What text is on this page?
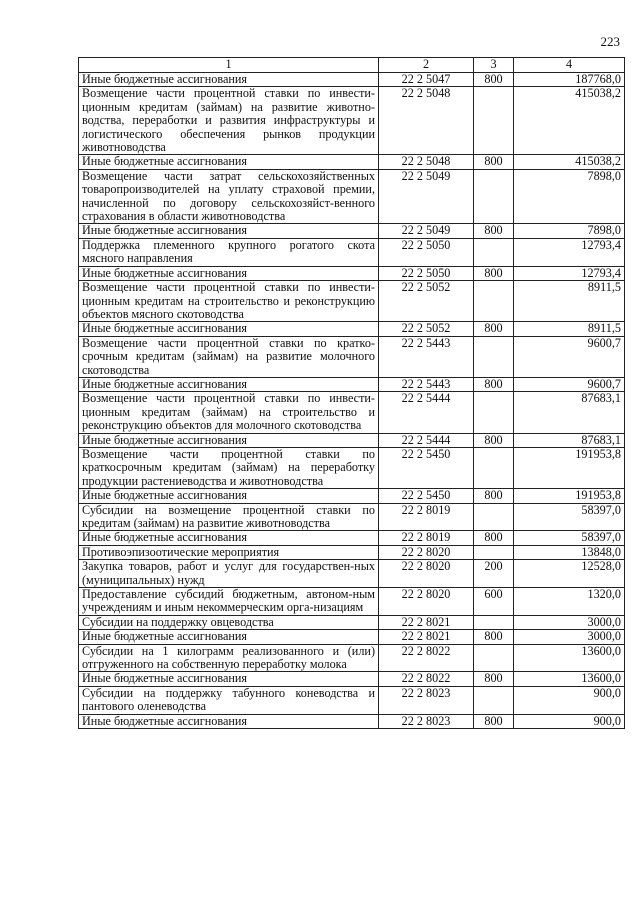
223
1	2	3	4
Иные бюджетные ассигнования	22 2 5047	800	187768,0
Возмещение части процентной ставки по инвести-ционным кредитам (займам) на развитие животно-водства, переработки и развития инфраструктуры и логистического обеспечения рынков продукции животноводства	22 2 5048		415038,2
Иные бюджетные ассигнования	22 2 5048	800	415038,2
Возмещение части затрат сельскохозяйственных товаропроизводителей на уплату страховой премии, начисленной по договору сельскохозяйст-венного страхования в области животноводства	22 2 5049		7898,0
Иные бюджетные ассигнования	22 2 5049	800	7898,0
Поддержка племенного крупного рогатого скота мясного направления	22 2 5050		12793,4
Иные бюджетные ассигнования	22 2 5050	800	12793,4
Возмещение части процентной ставки по инвести-ционным кредитам на строительство и реконструкцию объектов мясного скотоводства	22 2 5052		8911,5
Иные бюджетные ассигнования	22 2 5052	800	8911,5
Возмещение части процентной ставки по кратко-срочным кредитам (займам) на развитие молочного скотоводства	22 2 5443		9600,7
Иные бюджетные ассигнования	22 2 5443	800	9600,7
Возмещение части процентной ставки по инвести-ционным кредитам (займам) на строительство и реконструкцию объектов для молочного скотоводства	22 2 5444		87683,1
Иные бюджетные ассигнования	22 2 5444	800	87683,1
Возмещение части процентной ставки по краткосрочным кредитам (займам) на переработку продукции растениеводства и животноводства	22 2 5450		191953,8
Иные бюджетные ассигнования	22 2 5450	800	191953,8
Субсидии на возмещение процентной ставки по кредитам (займам) на развитие животноводства	22 2 8019		58397,0
Иные бюджетные ассигнования	22 2 8019	800	58397,0
Противоэпизоотические мероприятия	22 2 8020		13848,0
Закупка товаров, работ и услуг для государствен-ных (муниципальных) нужд	22 2 8020	200	12528,0
Предоставление субсидий бюджетным, автоном-ным учреждениям и иным некоммерческим орга-низациям	22 2 8020	600	1320,0
Субсидии на поддержку овцеводства	22 2 8021		3000,0
Иные бюджетные ассигнования	22 2 8021	800	3000,0
Субсидии на 1 килограмм реализованного и (или) отгруженного на собственную переработку молока	22 2 8022		13600,0
Иные бюджетные ассигнования	22 2 8022	800	13600,0
Субсидии на поддержку табунного коневодства и пантового оленеводства	22 2 8023		900,0
Иные бюджетные ассигнования	22 2 8023	800	900,0
